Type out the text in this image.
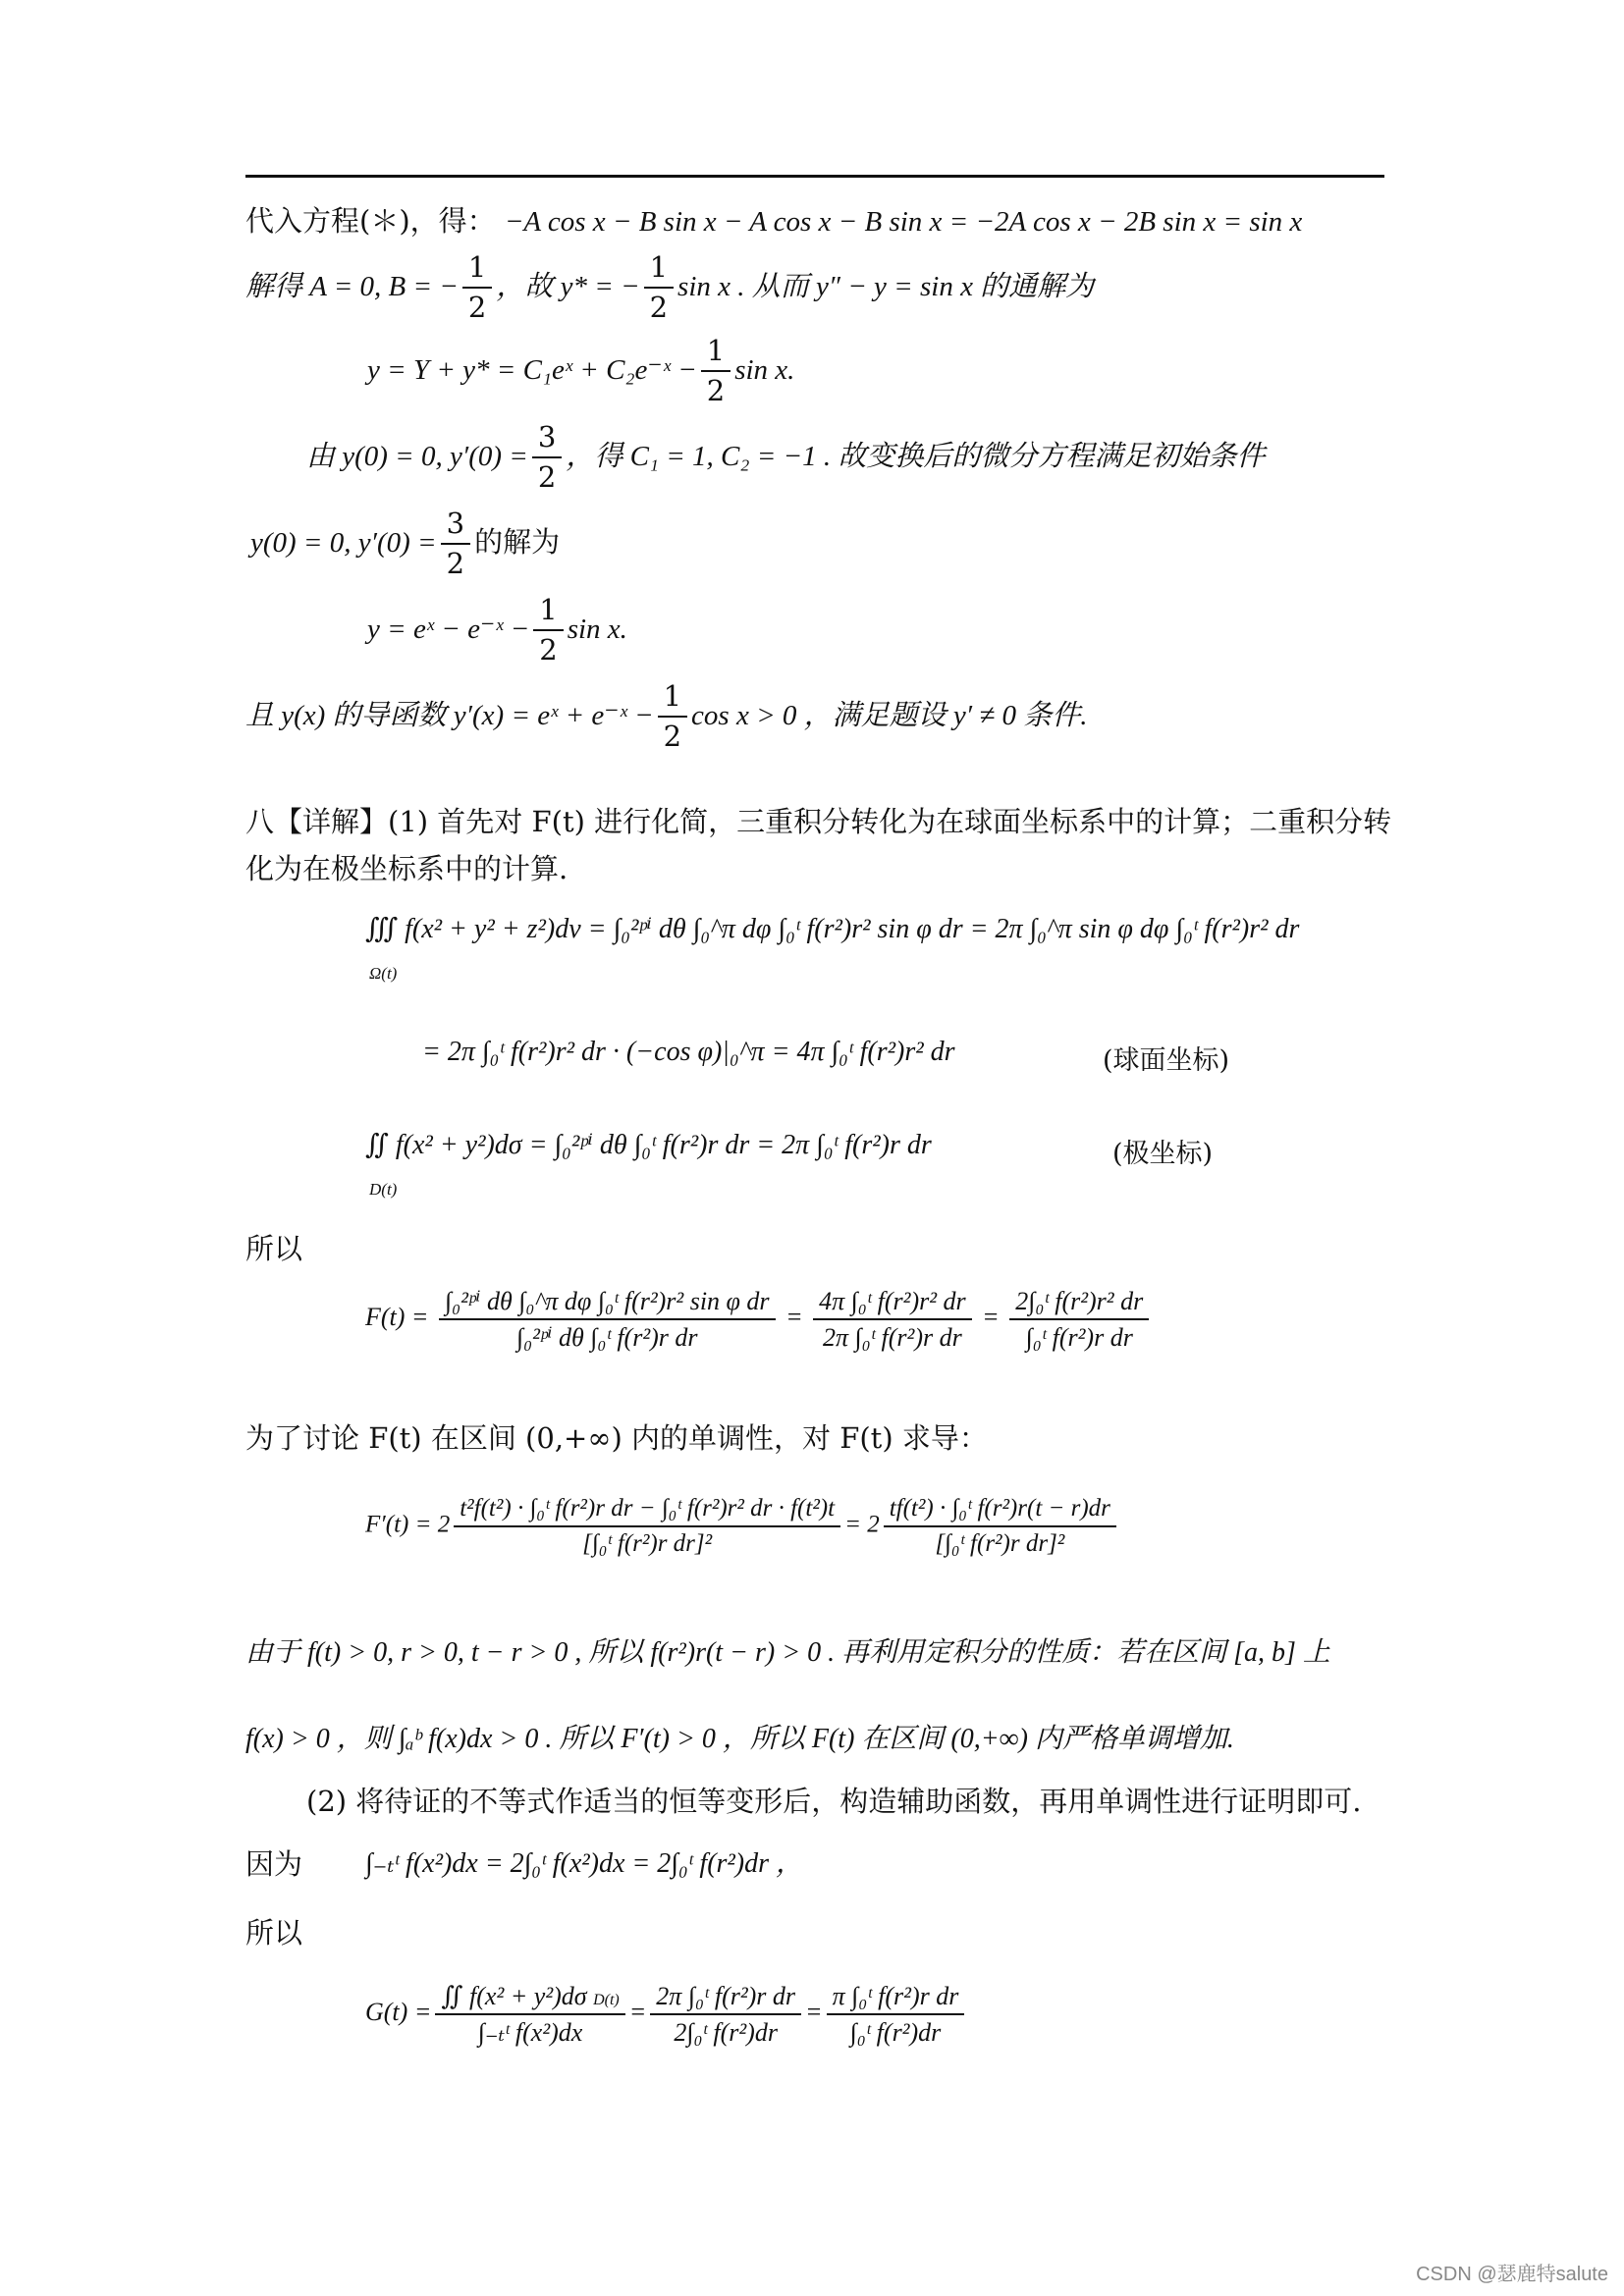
代入方程(＊)，得： −A cos x − B sin x − A cos x − B sin x = −2A cos x − 2B sin x = sin x
解得 A = 0, B = − $\frac{1}{2}$ ，故 y* = − $\frac{1}{2}$ sin x . 从而 y″ − y = sin x 的通解为
y = Y + y* = C₁eˣ + C₂e⁻ˣ − $\frac{1}{2}$ sin x.
由 y(0) = 0, $y'(0) = \frac{3}{2}$ ，得 C₁ = 1, C₂ = −1 . 故变换后的微分方程满足初始条件
y(0) = 0, $y'(0) = \frac{3}{2}$ 的解为
y = eˣ − e⁻ˣ − $\frac{1}{2}$ sin x.
且 y(x) 的导函数 y′(x) = eˣ + e⁻ˣ − $\frac{1}{2}$ cos x > 0 ，满足题设 y′ ≠ 0 条件.
八【详解】(1) 首先对 F(t) 进行化简，三重积分转化为在球面坐标系中的计算；二重积分转
化为在极坐标系中的计算.
∭ f(x² + y² + z²)dv = ∫₀²ᵖⁱ dθ ∫₀^π dφ ∫₀ᵗ f(r²)r² sin φ dr = 2π ∫₀^π sin φ dφ ∫₀ᵗ f(r²)r² dr
Ω(t)
= 2π ∫₀ᵗ f(r²)r² dr · (−cos φ)|₀^π = 4π ∫₀ᵗ f(r²)r² dr	(球面坐标)
∬ f(x² + y²)dσ = ∫₀²ᵖⁱ dθ ∫₀ᵗ f(r²)r dr = 2π ∫₀ᵗ f(r²)r dr
D(t)
(极坐标)
所以
$F(t) = \frac{\text{∫₀²ᵖⁱ dθ ∫₀\textasciicircum{}π dφ ∫₀ᵗ f(r²)r² sin φ dr}}{\text{∫₀²ᵖⁱ dθ ∫₀ᵗ f(r²)r dr}} = \frac{\text{4π ∫₀ᵗ f(r²)r² dr}}{\text{2π ∫₀ᵗ f(r²)r dr}} = \frac{\text{2∫₀ᵗ f(r²)r² dr}}{\text{∫₀ᵗ f(r²)r dr}}$
为了讨论 F(t) 在区间 (0,+∞) 内的单调性，对 F(t) 求导：
$F'(t) = 2 \frac{\text{t²f(t²) · ∫₀ᵗ f(r²)r dr − ∫₀ᵗ f(r²)r² dr · f(t²)t}}{\text{[∫₀ᵗ f(r²)r dr]²}} = 2 \frac{\text{tf(t²) · ∫₀ᵗ f(r²)r(t − r)dr}}{\text{[∫₀ᵗ f(r²)r dr]²}}$
由于 f(t) > 0, r > 0, t − r > 0 , 所以 f(r²)r(t − r) > 0 . 再利用定积分的性质：若在区间 [a, b] 上
f(x) > 0 ，则 ∫ₐᵇ f(x)dx > 0 . 所以 F′(t) > 0 ，所以 F(t) 在区间 (0,+∞) 内严格单调增加.
(2) 将待证的不等式作适当的恒等变形后，构造辅助函数，再用单调性进行证明即可.
因为 ∫₋ₜᵗ f(x²)dx = 2∫₀ᵗ f(x²)dx = 2∫₀ᵗ f(r²)dr ，
所以
$G(t) = \frac{\text{∬ f(x² + y²)dσ D(t)}}{\text{∫₋ₜᵗ f(x²)dx}} = \frac{\text{2π ∫₀ᵗ f(r²)r dr}}{\text{2∫₀ᵗ f(r²)dr}} = \frac{\text{π ∫₀ᵗ f(r²)r dr}}{\text{∫₀ᵗ f(r²)dr}}$
CSDN @瑟鹿特salute
